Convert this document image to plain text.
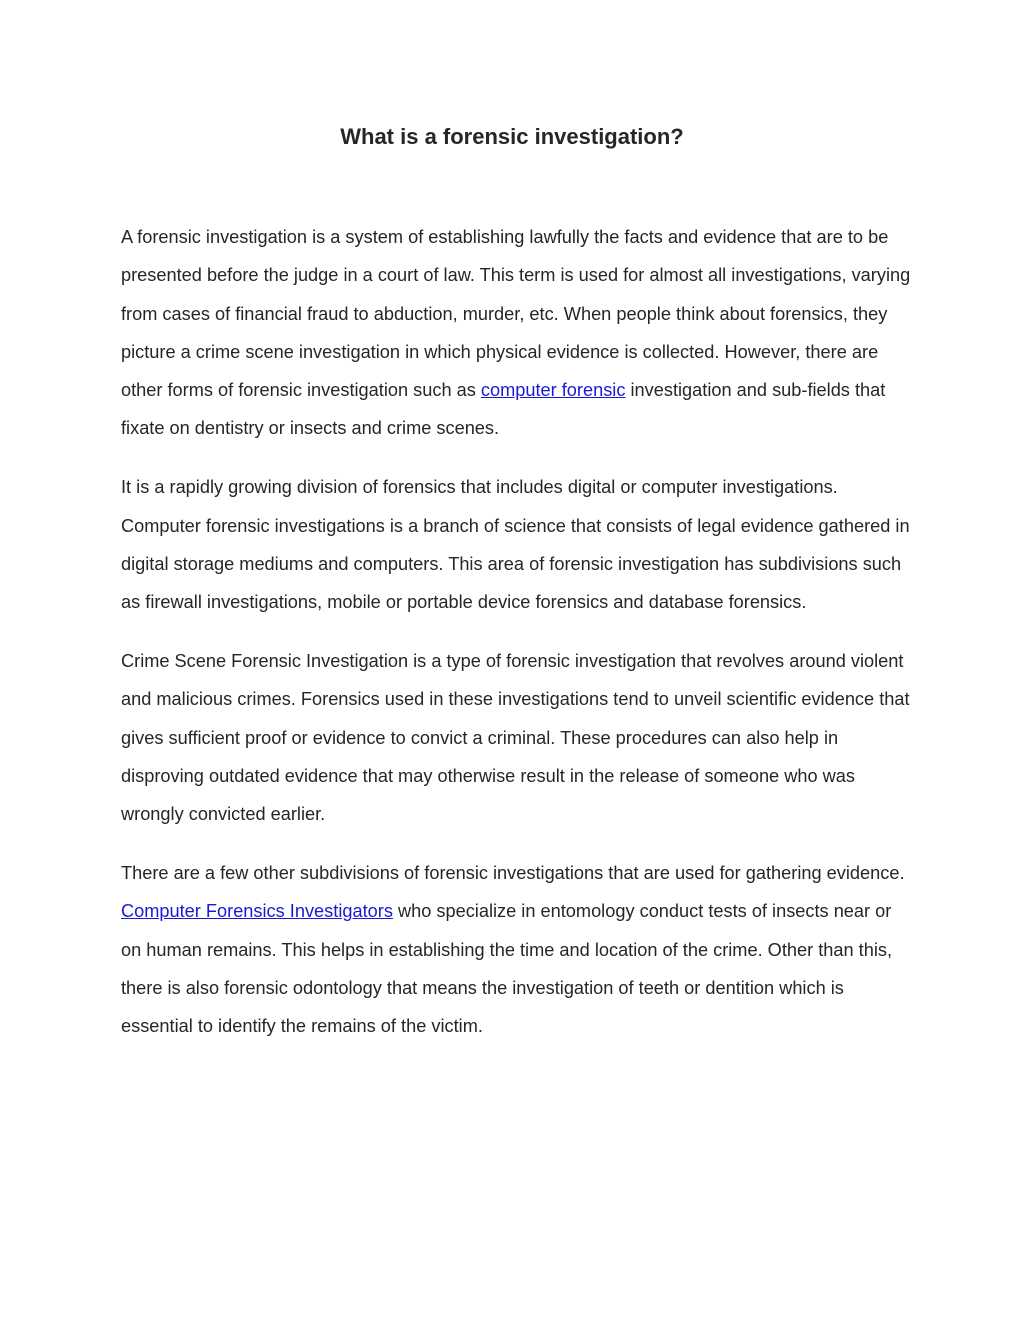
What is a forensic investigation?

A forensic investigation is a system of establishing lawfully the facts and evidence that are to be presented before the judge in a court of law. This term is used for almost all investigations, varying from cases of financial fraud to abduction, murder, etc. When people think about forensics, they picture a crime scene investigation in which physical evidence is collected. However, there are other forms of forensic investigation such as computer forensic investigation and sub-fields that fixate on dentistry or insects and crime scenes.

It is a rapidly growing division of forensics that includes digital or computer investigations. Computer forensic investigations is a branch of science that consists of legal evidence gathered in digital storage mediums and computers. This area of forensic investigation has subdivisions such as firewall investigations, mobile or portable device forensics and database forensics.

Crime Scene Forensic Investigation is a type of forensic investigation that revolves around violent and malicious crimes. Forensics used in these investigations tend to unveil scientific evidence that gives sufficient proof or evidence to convict a criminal. These procedures can also help in disproving outdated evidence that may otherwise result in the release of someone who was wrongly convicted earlier.

There are a few other subdivisions of forensic investigations that are used for gathering evidence. Computer Forensics Investigators who specialize in entomology conduct tests of insects near or on human remains. This helps in establishing the time and location of the crime. Other than this, there is also forensic odontology that means the investigation of teeth or dentition which is essential to identify the remains of the victim.
